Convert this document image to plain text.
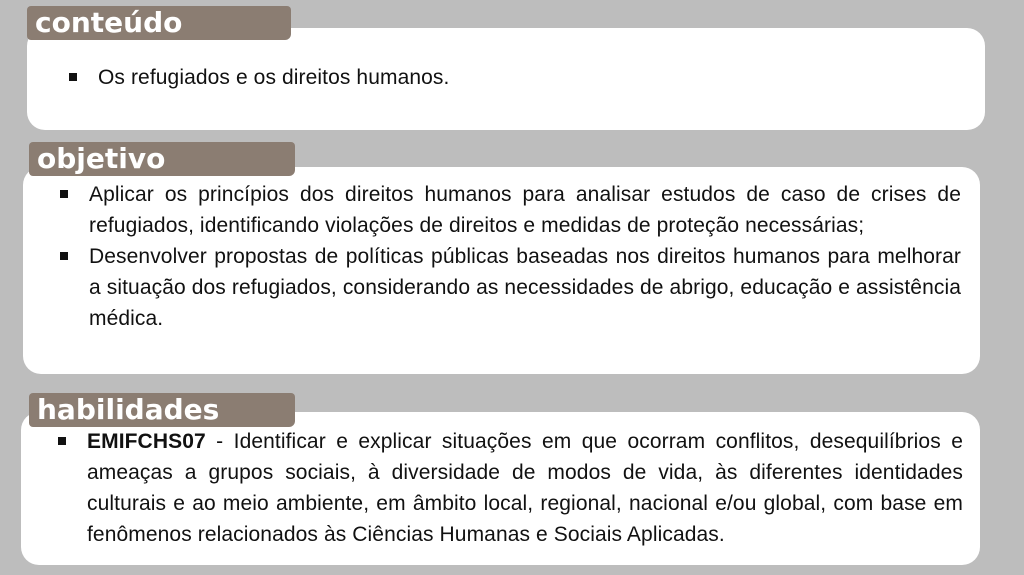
Os refugiados e os direitos humanos.
conteúdo
Aplicar os princípios dos direitos humanos para analisar estudos de caso de crises de refugiados, identificando violações de direitos e medidas de proteção necessárias;
Desenvolver propostas de políticas públicas baseadas nos direitos humanos para melhorar a situação dos refugiados, considerando as necessidades de abrigo, educação e assistência médica.
objetivo
EMIFCHS07 - Identificar e explicar situações em que ocorram conflitos, desequilíbrios e ameaças a grupos sociais, à diversidade de modos de vida, às diferentes identidades culturais e ao meio ambiente, em âmbito local, regional, nacional e/ou global, com base em fenômenos relacionados às Ciências Humanas e Sociais Aplicadas.
habilidades
